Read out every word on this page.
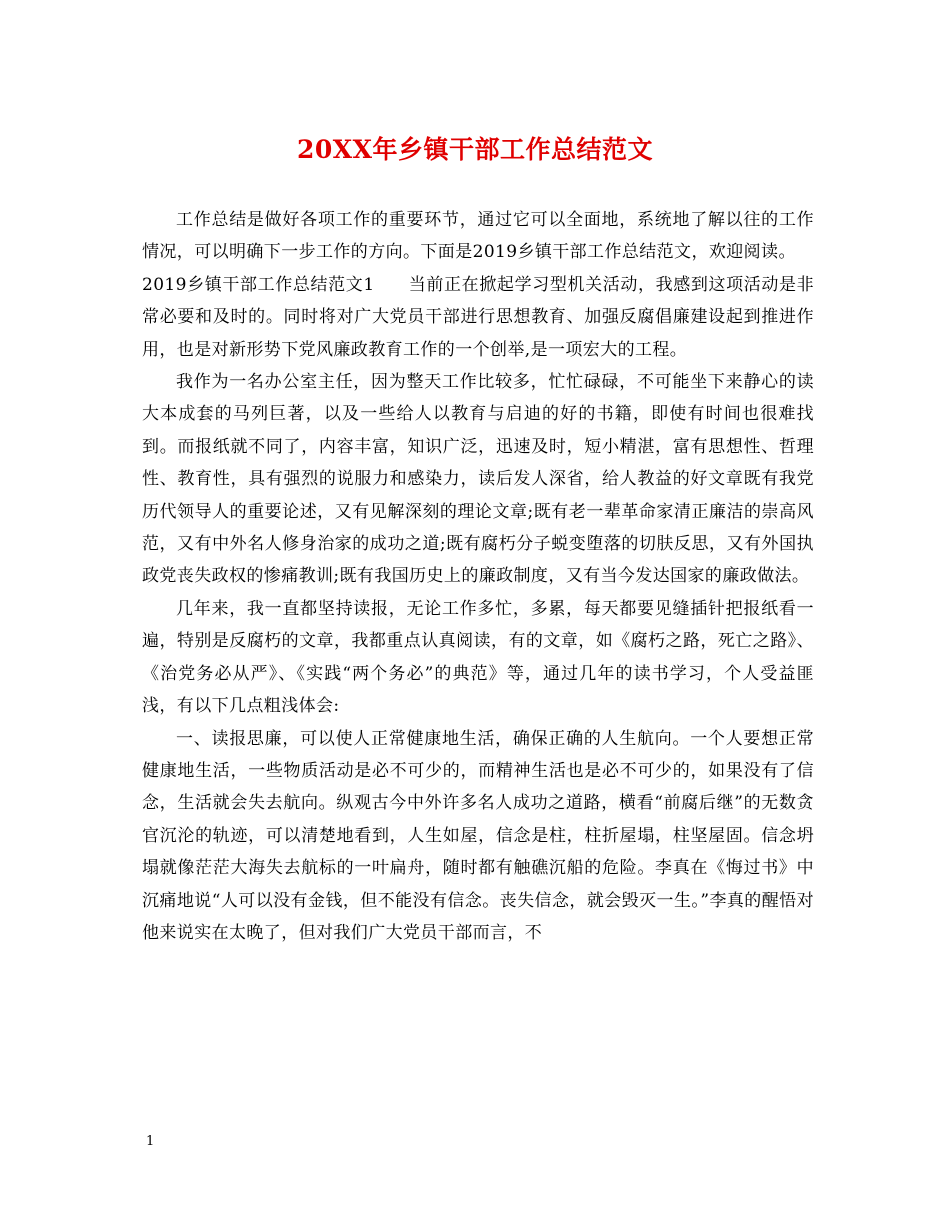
20XX年乡镇干部工作总结范文

工作总结是做好各项工作的重要环节，通过它可以全面地，系统地了解以往的工作情况，可以明确下一步工作的方向。下面是2019乡镇干部工作总结范文，欢迎阅读。

2019乡镇干部工作总结范文1 当前正在掀起学习型机关活动，我感到这项活动是非常必要和及时的。同时将对广大党员干部进行思想教育、加强反腐倡廉建设起到推进作用，也是对新形势下党风廉政教育工作的一个创举,是一项宏大的工程。

我作为一名办公室主任，因为整天工作比较多，忙忙碌碌，不可能坐下来静心的读大本成套的马列巨著，以及一些给人以教育与启迪的好的书籍，即使有时间也很难找到。而报纸就不同了，内容丰富，知识广泛，迅速及时，短小精湛，富有思想性、哲理性、教育性，具有强烈的说服力和感染力，读后发人深省，给人教益的好文章既有我党历代领导人的重要论述，又有见解深刻的理论文章;既有老一辈革命家清正廉洁的崇高风范，又有中外名人修身治家的成功之道;既有腐朽分子蜕变堕落的切肤反思，又有外国执政党丧失政权的惨痛教训;既有我国历史上的廉政制度，又有当今发达国家的廉政做法。

几年来，我一直都坚持读报，无论工作多忙，多累，每天都要见缝插针把报纸看一遍，特别是反腐朽的文章，我都重点认真阅读，有的文章，如《腐朽之路，死亡之路》、《治党务必从严》、《实践“两个务必”的典范》等，通过几年的读书学习，个人受益匪浅，有以下几点粗浅体会:

一、读报思廉，可以使人正常健康地生活，确保正确的人生航向。一个人要想正常健康地生活，一些物质活动是必不可少的，而精神生活也是必不可少的，如果没有了信念，生活就会失去航向。纵观古今中外许多名人成功之道路，横看“前腐后继”的无数贪官沉沦的轨迹，可以清楚地看到，人生如屋，信念是柱，柱折屋塌，柱坚屋固。信念坍塌就像茫茫大海失去航标的一叶扁舟，随时都有触礁沉船的危险。李真在《悔过书》中沉痛地说“人可以没有金钱，但不能没有信念。丧失信念，就会毁灭一生。”李真的醒悟对他来说实在太晚了，但对我们广大党员干部而言，不

1
